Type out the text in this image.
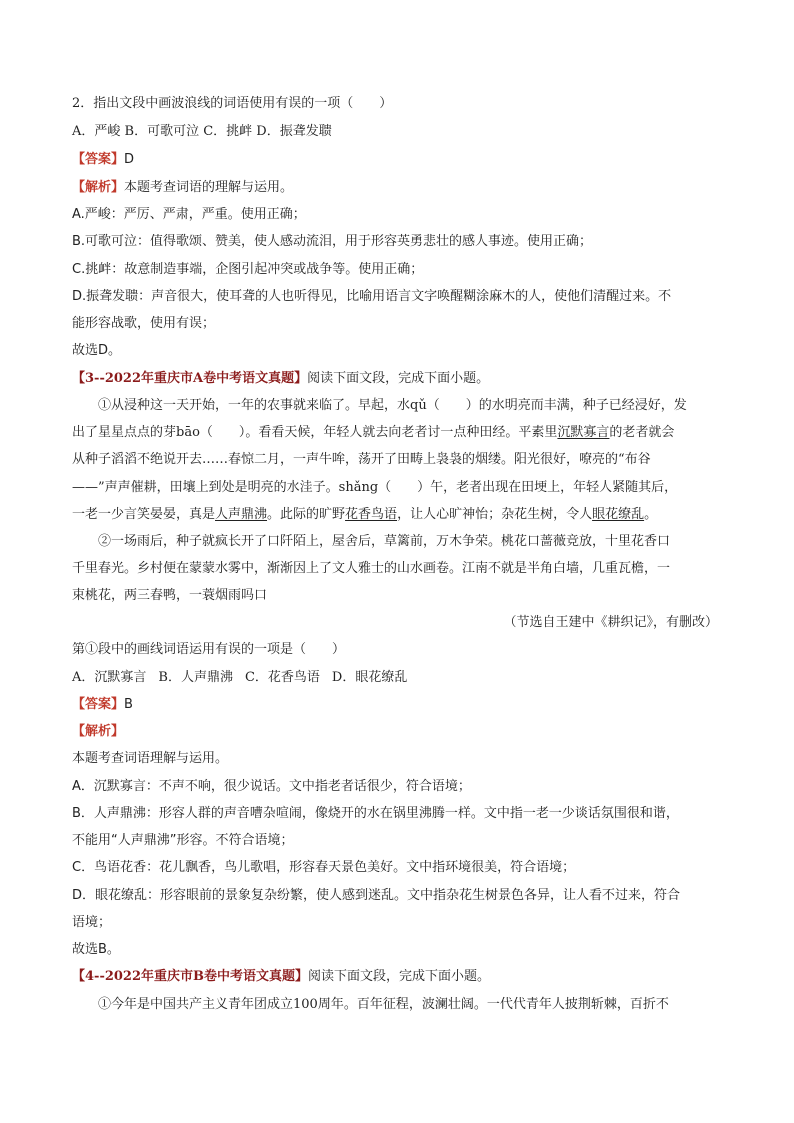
2．指出文段中画波浪线的词语使用有误的一项（　　）
A．严峻 B．可歌可泣 C．挑衅 D．振聋发聩
【答案】D
【解析】本题考查词语的理解与运用。
A.严峻：严厉、严肃，严重。使用正确；
B.可歌可泣：值得歌颂、赞美，使人感动流泪，用于形容英勇悲壮的感人事迹。使用正确；
C.挑衅：故意制造事端，企图引起冲突或战争等。使用正确；
D.振聋发聩：声音很大，使耳聋的人也听得见，比喻用语言文字唤醒糊涂麻木的人，使他们清醒过来。不
能形容战歌，使用有误；
故选D。
【3--2022年重庆市A卷中考语文真题】阅读下面文段，完成下面小题。
①从浸种这一天开始，一年的农事就来临了。早起，水qǔ（　　）的水明亮而丰满，种子已经浸好，发
出了星星点点的芽bāo（　　）。看看天候，年轻人就去向老者讨一点种田经。平素里沉默寡言的老者就会
从种子滔滔不绝说开去……春惊二月，一声牛哞，荡开了田畴上袅袅的烟缕。阳光很好，嘹亮的“布谷
——”声声催耕，田壤上到处是明亮的水洼子。shǎng（　　）午，老者出现在田埂上，年轻人紧随其后，
一老一少言笑晏晏，真是人声鼎沸。此际的旷野花香鸟语，让人心旷神怡；杂花生树，令人眼花缭乱。
②一场雨后，种子就疯长开了口阡陌上，屋舍后，草篱前，万木争荣。桃花口蔷薇竞放，十里花香口
千里春光。乡村便在蒙蒙水雾中，渐渐因上了文人雅士的山水画卷。江南不就是半角白墙，几重瓦檐，一
束桃花，两三春鸭，一蓑烟雨吗口
（节选自王建中《耕织记》，有删改）
第①段中的画线词语运用有误的一项是（　　）
A．沉默寡言 B．人声鼎沸 C．花香鸟语 D．眼花缭乱
【答案】B
【解析】
本题考查词语理解与运用。
A．沉默寡言：不声不响，很少说话。文中指老者话很少，符合语境；
B．人声鼎沸：形容人群的声音嘈杂喧闹，像烧开的水在锅里沸腾一样。文中指一老一少谈话氛围很和谐，
不能用“人声鼎沸”形容。不符合语境；
C．鸟语花香：花儿飘香，鸟儿歌唱，形容春天景色美好。文中指环境很美，符合语境；
D．眼花缭乱：形容眼前的景象复杂纷繁，使人感到迷乱。文中指杂花生树景色各异，让人看不过来，符合
语境；
故选B。
【4--2022年重庆市B卷中考语文真题】阅读下面文段，完成下面小题。
①今年是中国共产主义青年团成立100周年。百年征程，波澜壮阔。一代代青年人披荆斩棘，百折不
